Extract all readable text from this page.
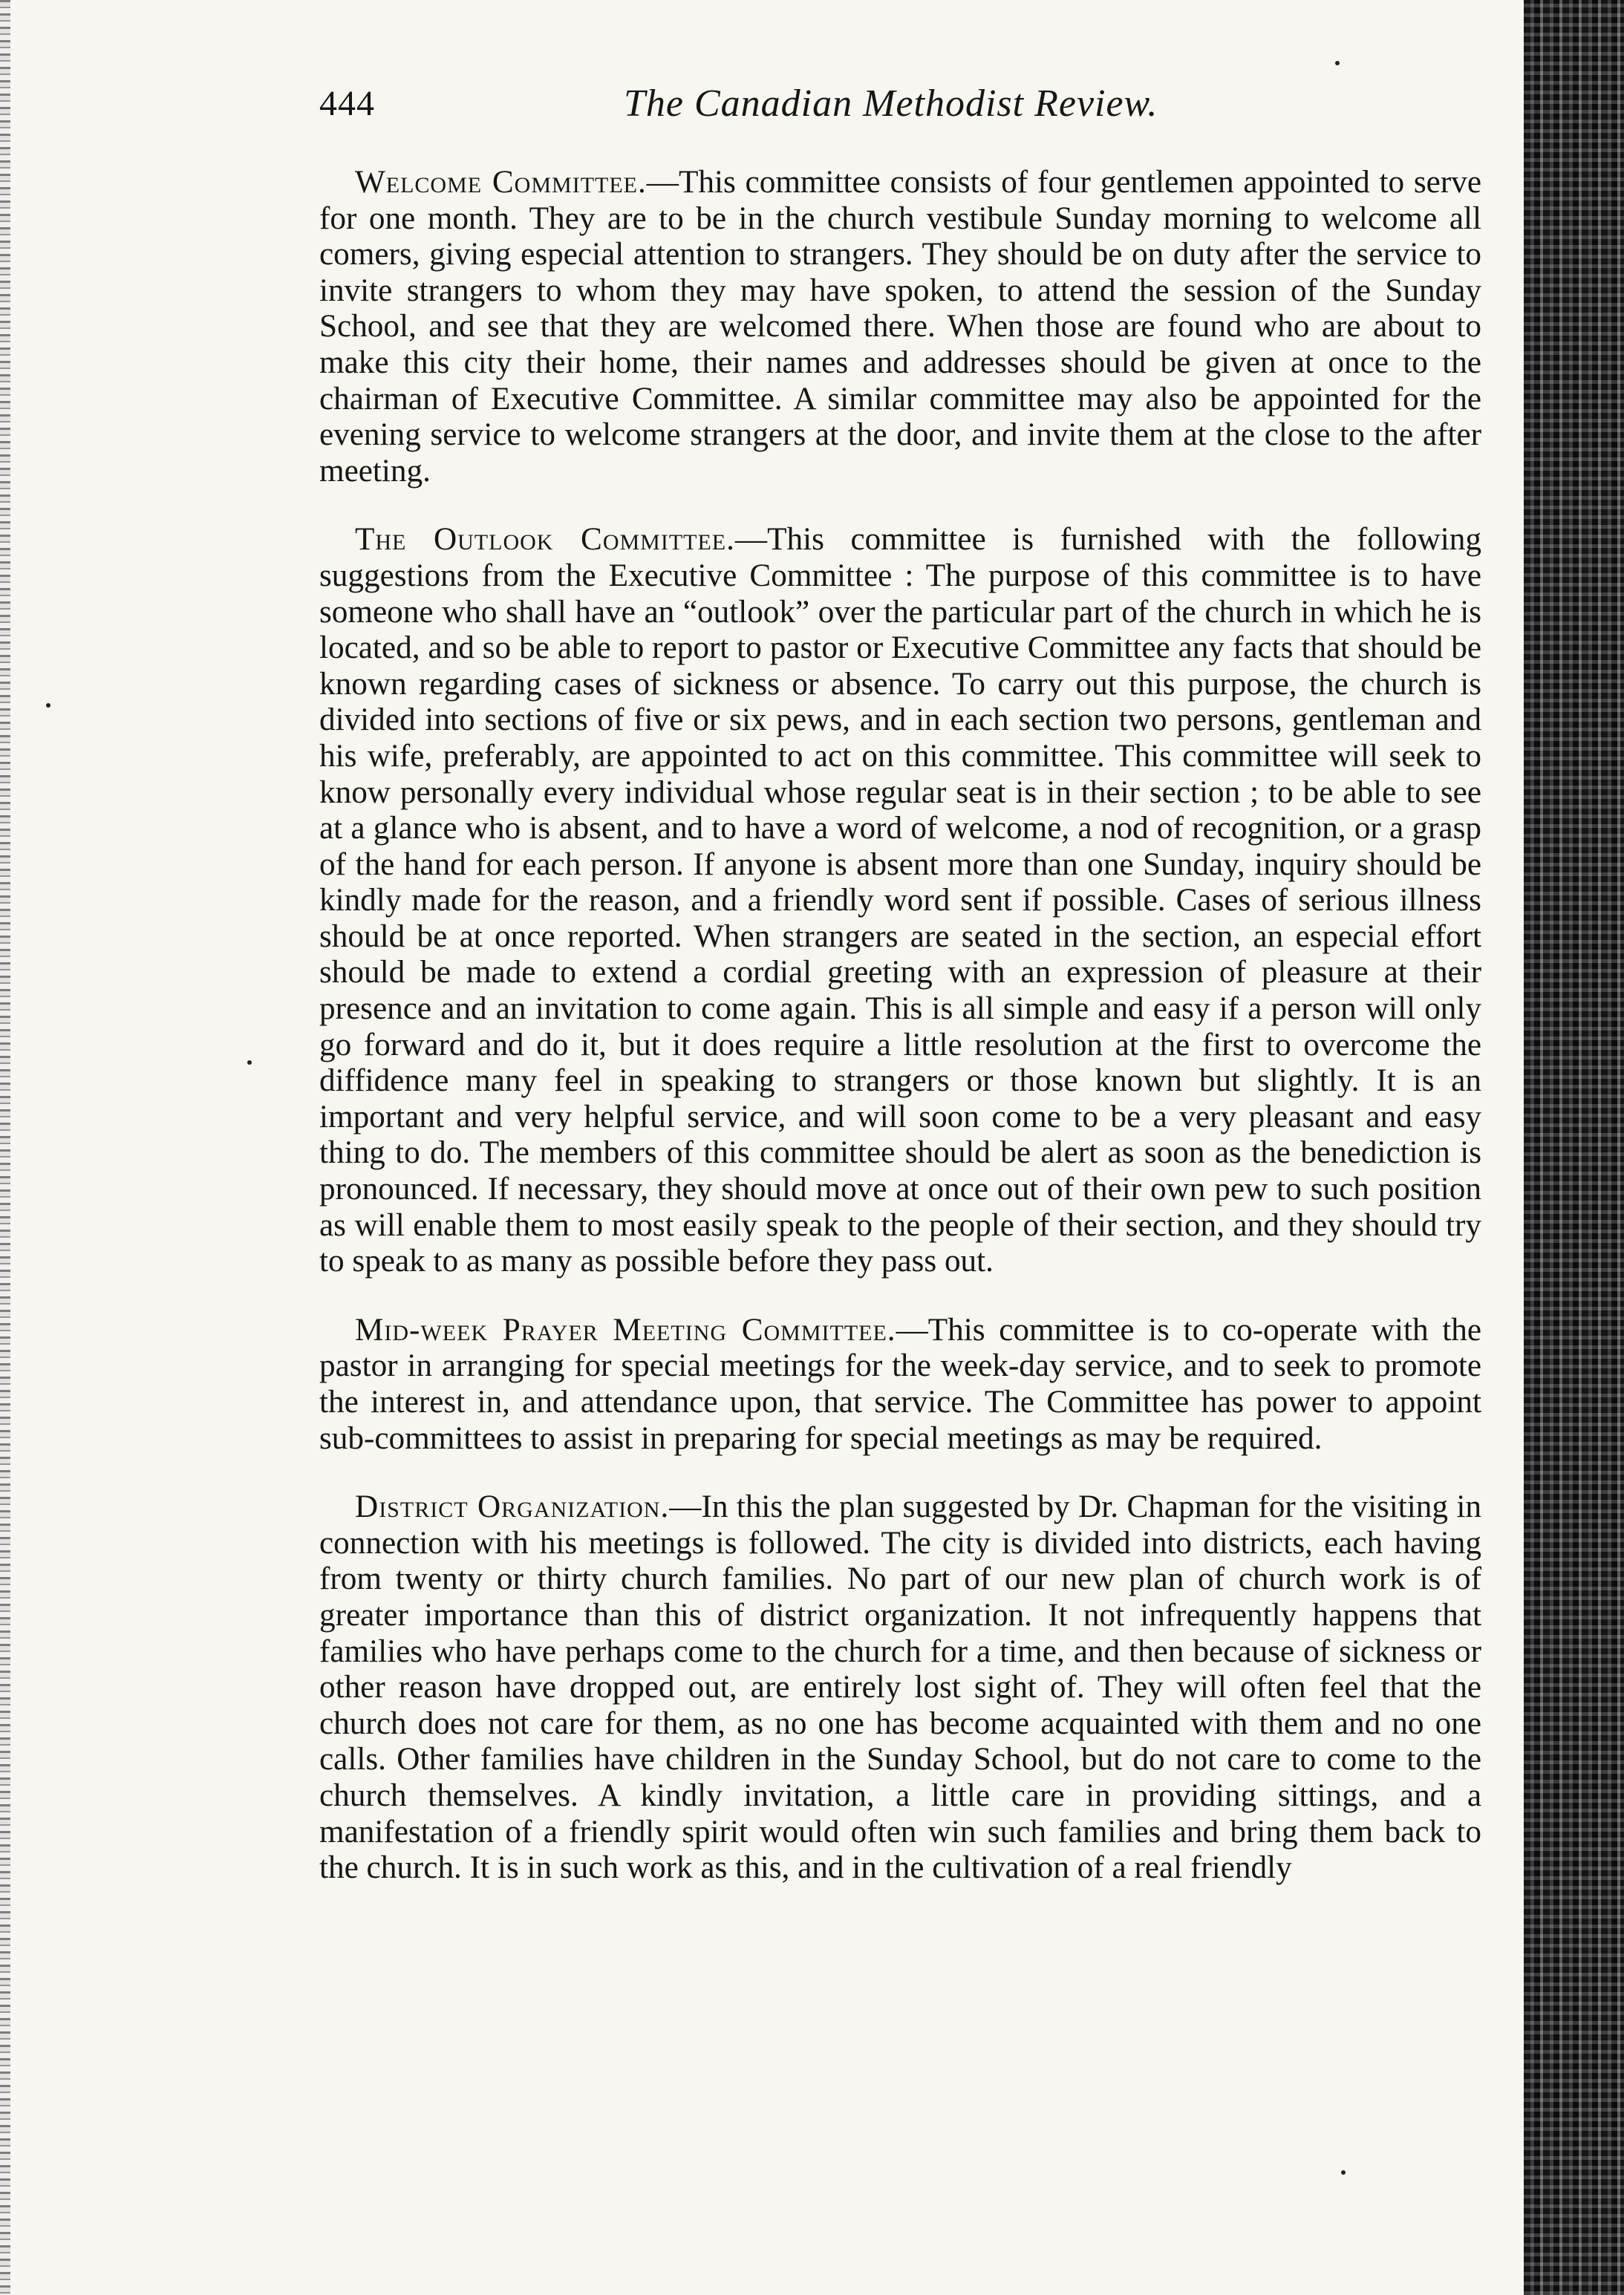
444	The Canadian Methodist Review.

Welcome Committee.—This committee consists of four gentlemen appointed to serve for one month. They are to be in the church vestibule Sunday morning to welcome all comers, giving especial attention to strangers. They should be on duty after the service to invite strangers to whom they may have spoken, to attend the session of the Sunday School, and see that they are welcomed there. When those are found who are about to make this city their home, their names and addresses should be given at once to the chairman of Executive Committee. A similar committee may also be appointed for the evening service to welcome strangers at the door, and invite them at the close to the after meeting.

The Outlook Committee.—This committee is furnished with the following suggestions from the Executive Committee : The purpose of this committee is to have someone who shall have an “outlook” over the particular part of the church in which he is located, and so be able to report to pastor or Executive Committee any facts that should be known regarding cases of sickness or absence. To carry out this purpose, the church is divided into sections of five or six pews, and in each section two persons, gentleman and his wife, preferably, are appointed to act on this committee. This committee will seek to know personally every individual whose regular seat is in their section ; to be able to see at a glance who is absent, and to have a word of welcome, a nod of recognition, or a grasp of the hand for each person. If anyone is absent more than one Sunday, inquiry should be kindly made for the reason, and a friendly word sent if possible. Cases of serious illness should be at once reported. When strangers are seated in the section, an especial effort should be made to extend a cordial greeting with an expression of pleasure at their presence and an invitation to come again. This is all simple and easy if a person will only go forward and do it, but it does require a little resolution at the first to overcome the diffidence many feel in speaking to strangers or those known but slightly. It is an important and very helpful service, and will soon come to be a very pleasant and easy thing to do. The members of this committee should be alert as soon as the benediction is pronounced. If necessary, they should move at once out of their own pew to such position as will enable them to most easily speak to the people of their section, and they should try to speak to as many as possible before they pass out.

Mid-week Prayer Meeting Committee.—This committee is to co-operate with the pastor in arranging for special meetings for the week-day service, and to seek to promote the interest in, and attendance upon, that service. The Committee has power to appoint sub-committees to assist in preparing for special meetings as may be required.

District Organization.—In this the plan suggested by Dr. Chapman for the visiting in connection with his meetings is followed. The city is divided into districts, each having from twenty or thirty church families. No part of our new plan of church work is of greater importance than this of district organization. It not infrequently happens that families who have perhaps come to the church for a time, and then because of sickness or other reason have dropped out, are entirely lost sight of. They will often feel that the church does not care for them, as no one has become acquainted with them and no one calls. Other families have children in the Sunday School, but do not care to come to the church themselves. A kindly invitation, a little care in providing sittings, and a manifestation of a friendly spirit would often win such families and bring them back to the church. It is in such work as this, and in the cultivation of a real friendly
